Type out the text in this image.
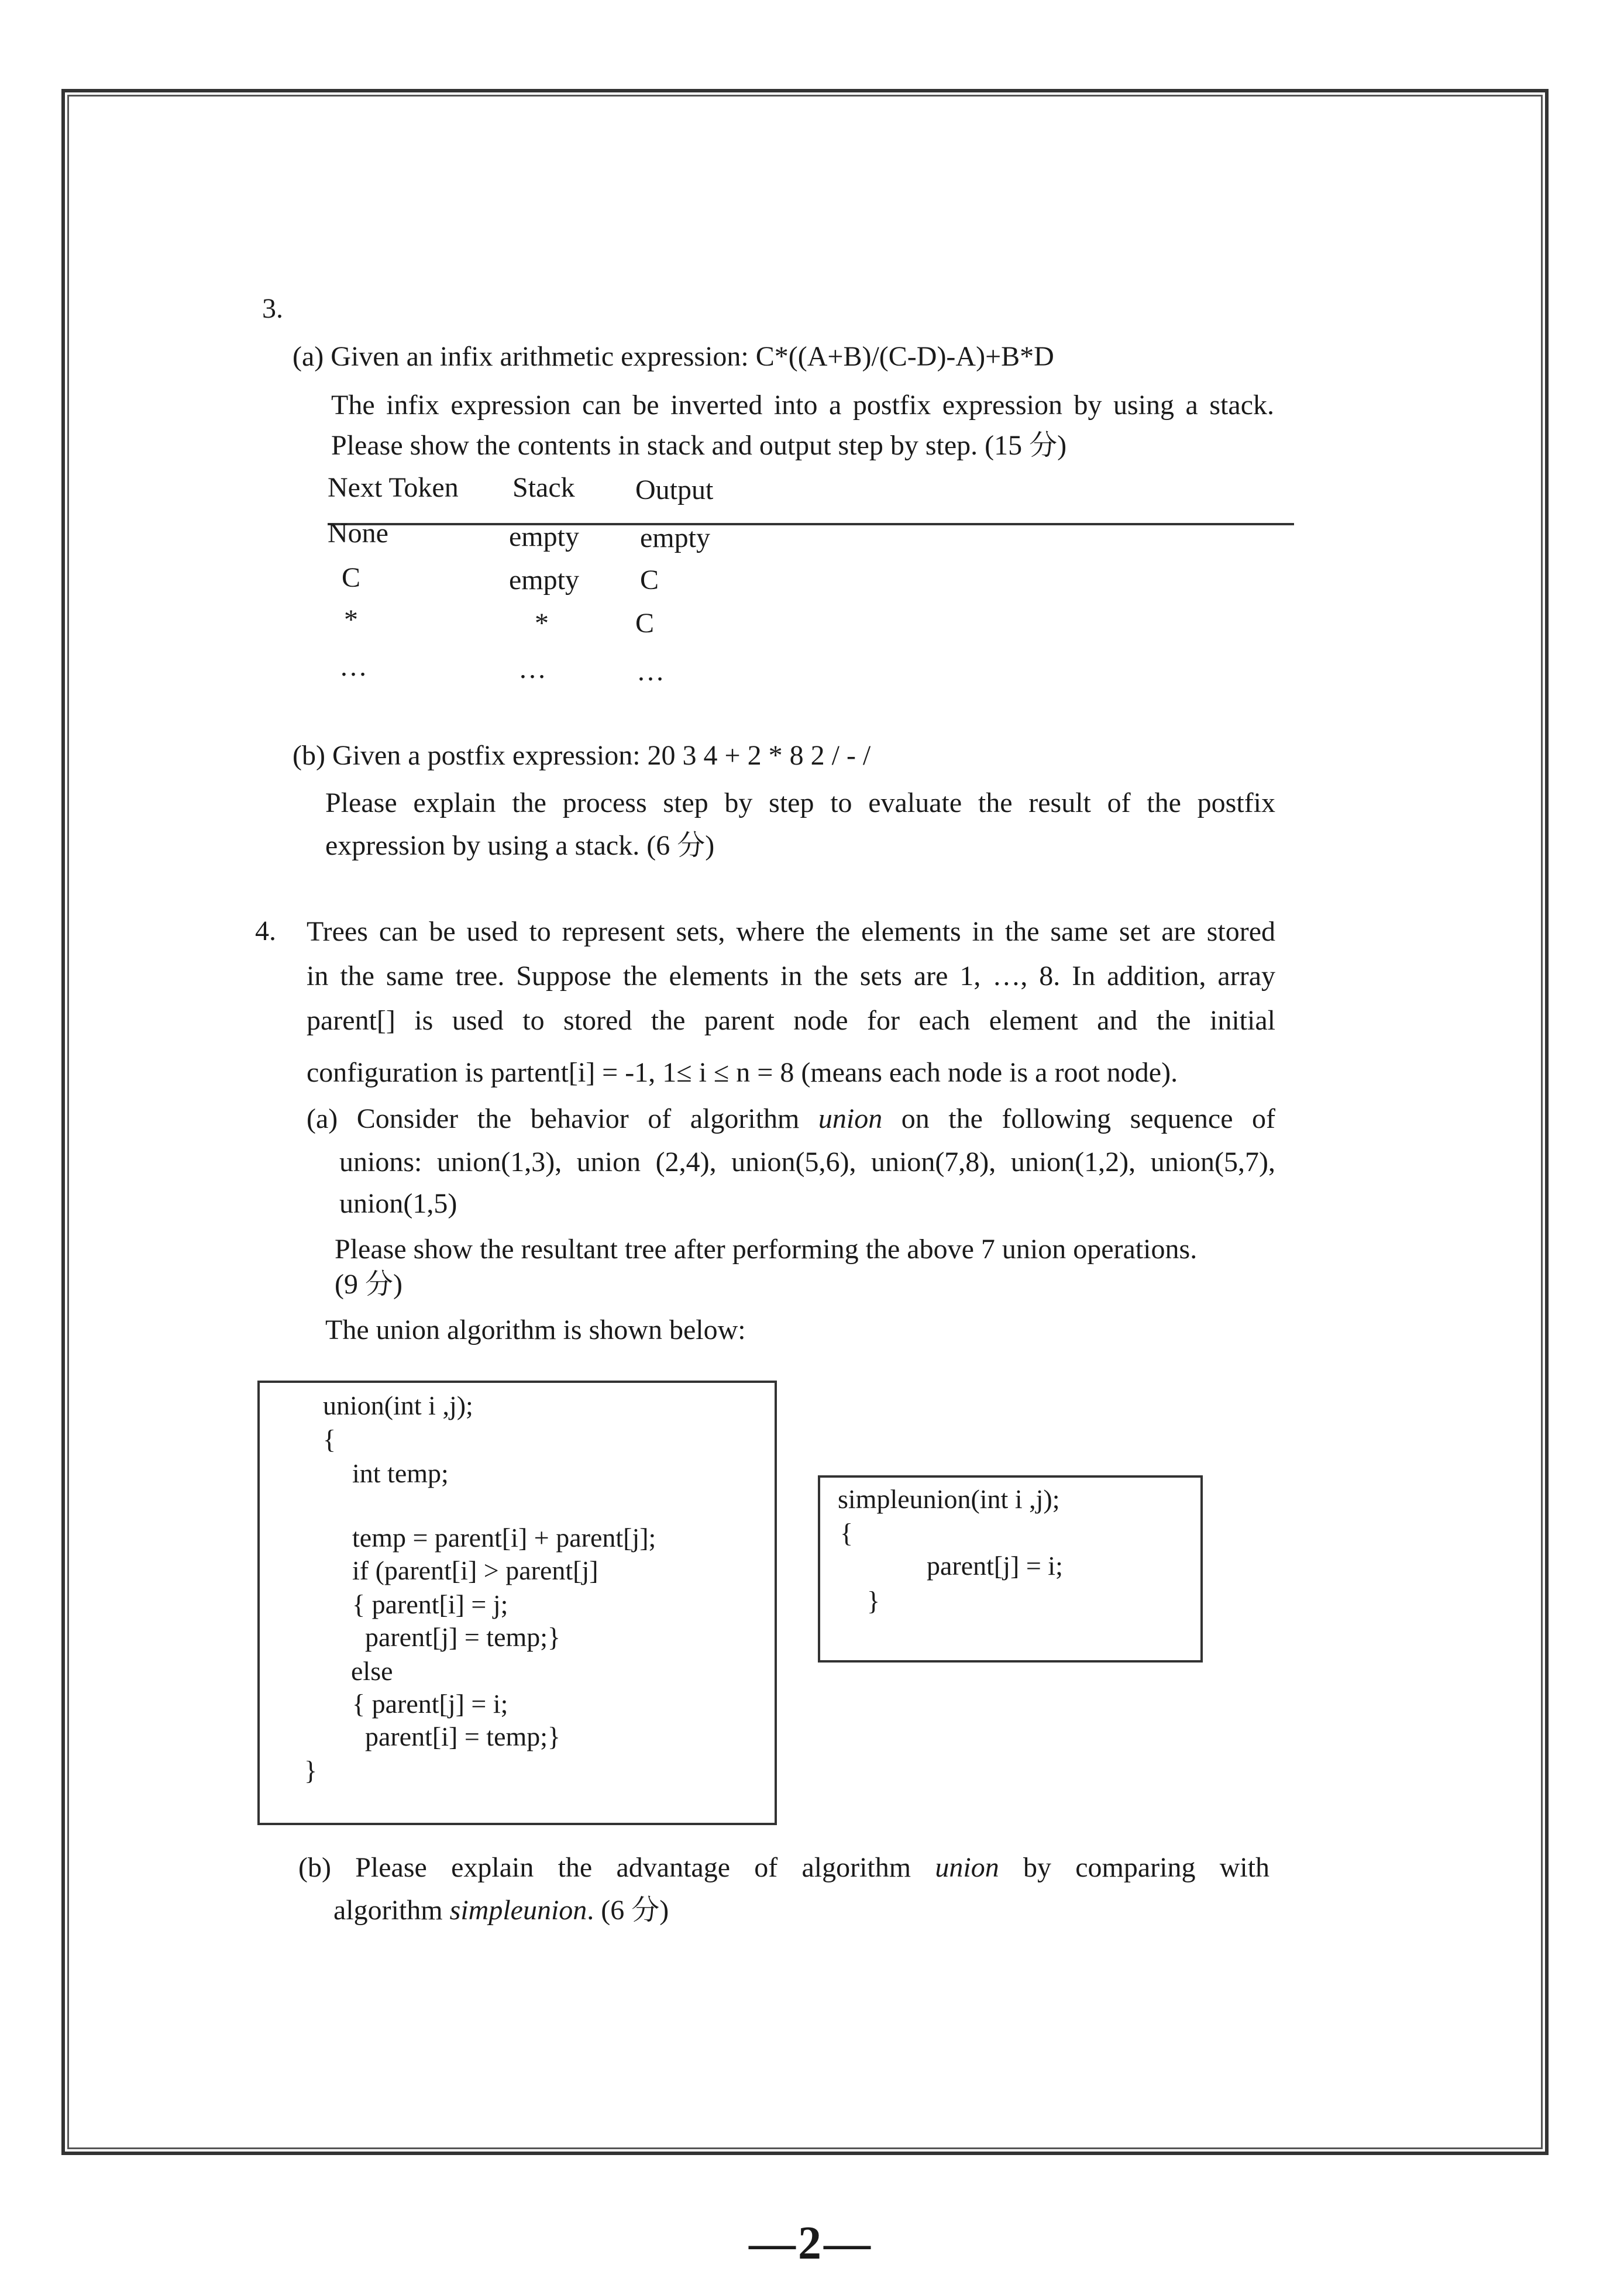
3.
(a) Given an infix arithmetic expression: C*((A+B)/(C-D)-A)+B*D
The infix expression can be inverted into a postfix expression by using a stack.
Please show the contents in stack and output step by step. (15 分)
Next Token Stack Output
None	empty empty
C	empty C
*	*	C
…	…	…
(b) Given a postfix expression: 20 3 4 + 2 * 8 2 / - /
Please explain the process step by step to evaluate the result of the postfix
expression by using a stack. (6 分)
4. Trees can be used to represent sets, where the elements in the same set are stored
in the same tree. Suppose the elements in the sets are 1, …, 8. In addition, array
parent[] is used to stored the parent node for each element and the initial
configuration is partent[i] = -1, 1≤ i ≤ n = 8 (means each node is a root node).
(a) Consider the behavior of algorithm union on the following sequence of
unions: union(1,3), union (2,4), union(5,6), union(7,8), union(1,2), union(5,7),
union(1,5)
Please show the resultant tree after performing the above 7 union operations.
(9 分)
The union algorithm is shown below:
union(int i ,j);
{
int temp;
temp = parent[i] + parent[j];
if (parent[i] > parent[j]
{ parent[i] = j;
parent[j] = temp;}
else
{ parent[j] = i;
parent[i] = temp;}
}
simpleunion(int i ,j);
{
parent[j] = i;
}
(b) Please explain the advantage of algorithm union by comparing with
algorithm simpleunion. (6 分)
—2—
